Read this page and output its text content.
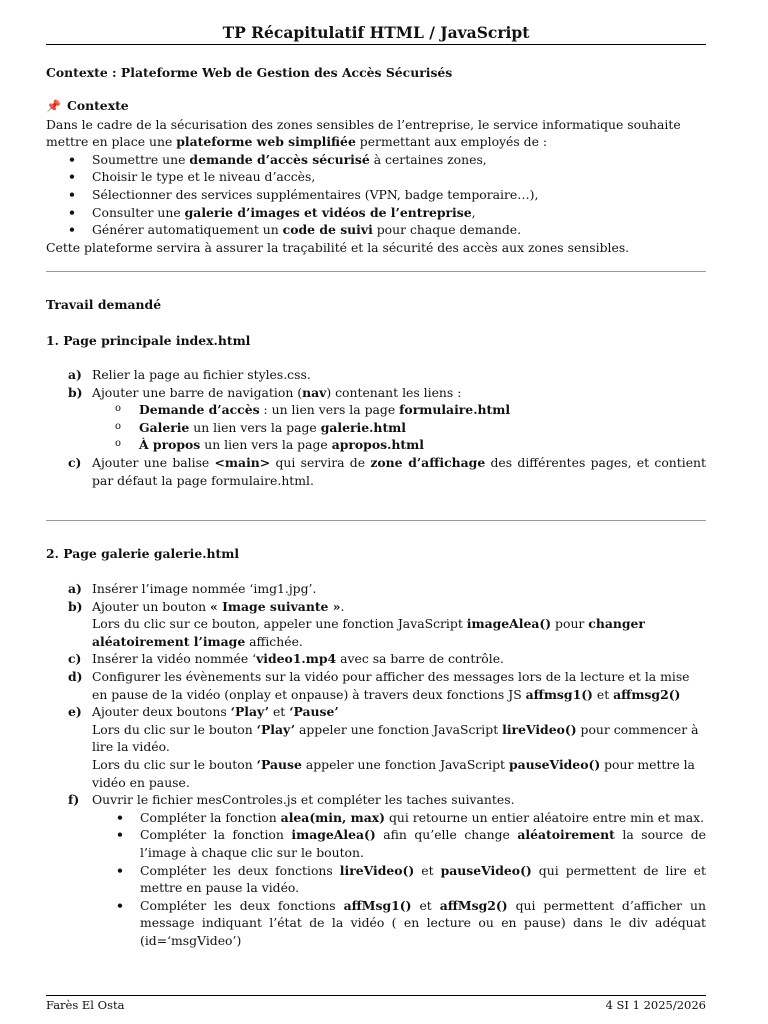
TP Récapitulatif HTML / JavaScript
Contexte : Plateforme Web de Gestion des Accès Sécurisés
📌 Contexte
Dans le cadre de la sécurisation des zones sensibles de l’entreprise, le service informatique souhaite mettre en place une plateforme web simplifiée permettant aux employés de :
• Soumettre une demande d’accès sécurisé à certaines zones,
• Choisir le type et le niveau d’accès,
• Sélectionner des services supplémentaires (VPN, badge temporaire…),
• Consulter une galerie d’images et vidéos de l’entreprise,
• Générer automatiquement un code de suivi pour chaque demande.
Cette plateforme servira à assurer la traçabilité et la sécurité des accès aux zones sensibles.
Travail demandé
1. Page principale index.html
a) Relier la page au fichier styles.css.
b) Ajouter une barre de navigation (nav) contenant les liens :
o Demande d’accès : un lien vers la page formulaire.html
o Galerie un lien vers la page galerie.html
o À propos un lien vers la page apropos.html
c) Ajouter une balise <main> qui servira de zone d’affichage des différentes pages, et contient par défaut la page formulaire.html.
2. Page galerie galerie.html
a) Insérer l’image nommée ‘img1.jpg’.
b) Ajouter un bouton « Image suivante ».
Lors du clic sur ce bouton, appeler une fonction JavaScript imageAlea() pour changer aléatoirement l’image affichée.
c) Insérer la vidéo nommée ‘video1.mp4 avec sa barre de contrôle.
d) Configurer les évènements sur la vidéo pour afficher des messages lors de la lecture et la mise en pause de la vidéo (onplay et onpause) à travers deux fonctions JS affmsg1() et affmsg2()
e) Ajouter deux boutons ‘Play’ et ‘Pause’
Lors du clic sur le bouton ‘Play’ appeler une fonction JavaScript lireVideo() pour commencer à lire la vidéo.
Lors du clic sur le bouton ‘Pause appeler une fonction JavaScript pauseVideo() pour mettre la vidéo en pause.
f) Ouvrir le fichier mesControles.js et compléter les taches suivantes.
• Compléter la fonction alea(min, max) qui retourne un entier aléatoire entre min et max.
• Compléter la fonction imageAlea() afin qu’elle change aléatoirement la source de l’image à chaque clic sur le bouton.
• Compléter les deux fonctions lireVideo() et pauseVideo() qui permettent de lire et mettre en pause la vidéo.
• Compléter les deux fonctions affMsg1() et affMsg2() qui permettent d’afficher un message indiquant l’état de la vidéo ( en lecture ou en pause) dans le div adéquat (id=‘msgVideo’)
Farès El Osta	4 SI 1 2025/2026
